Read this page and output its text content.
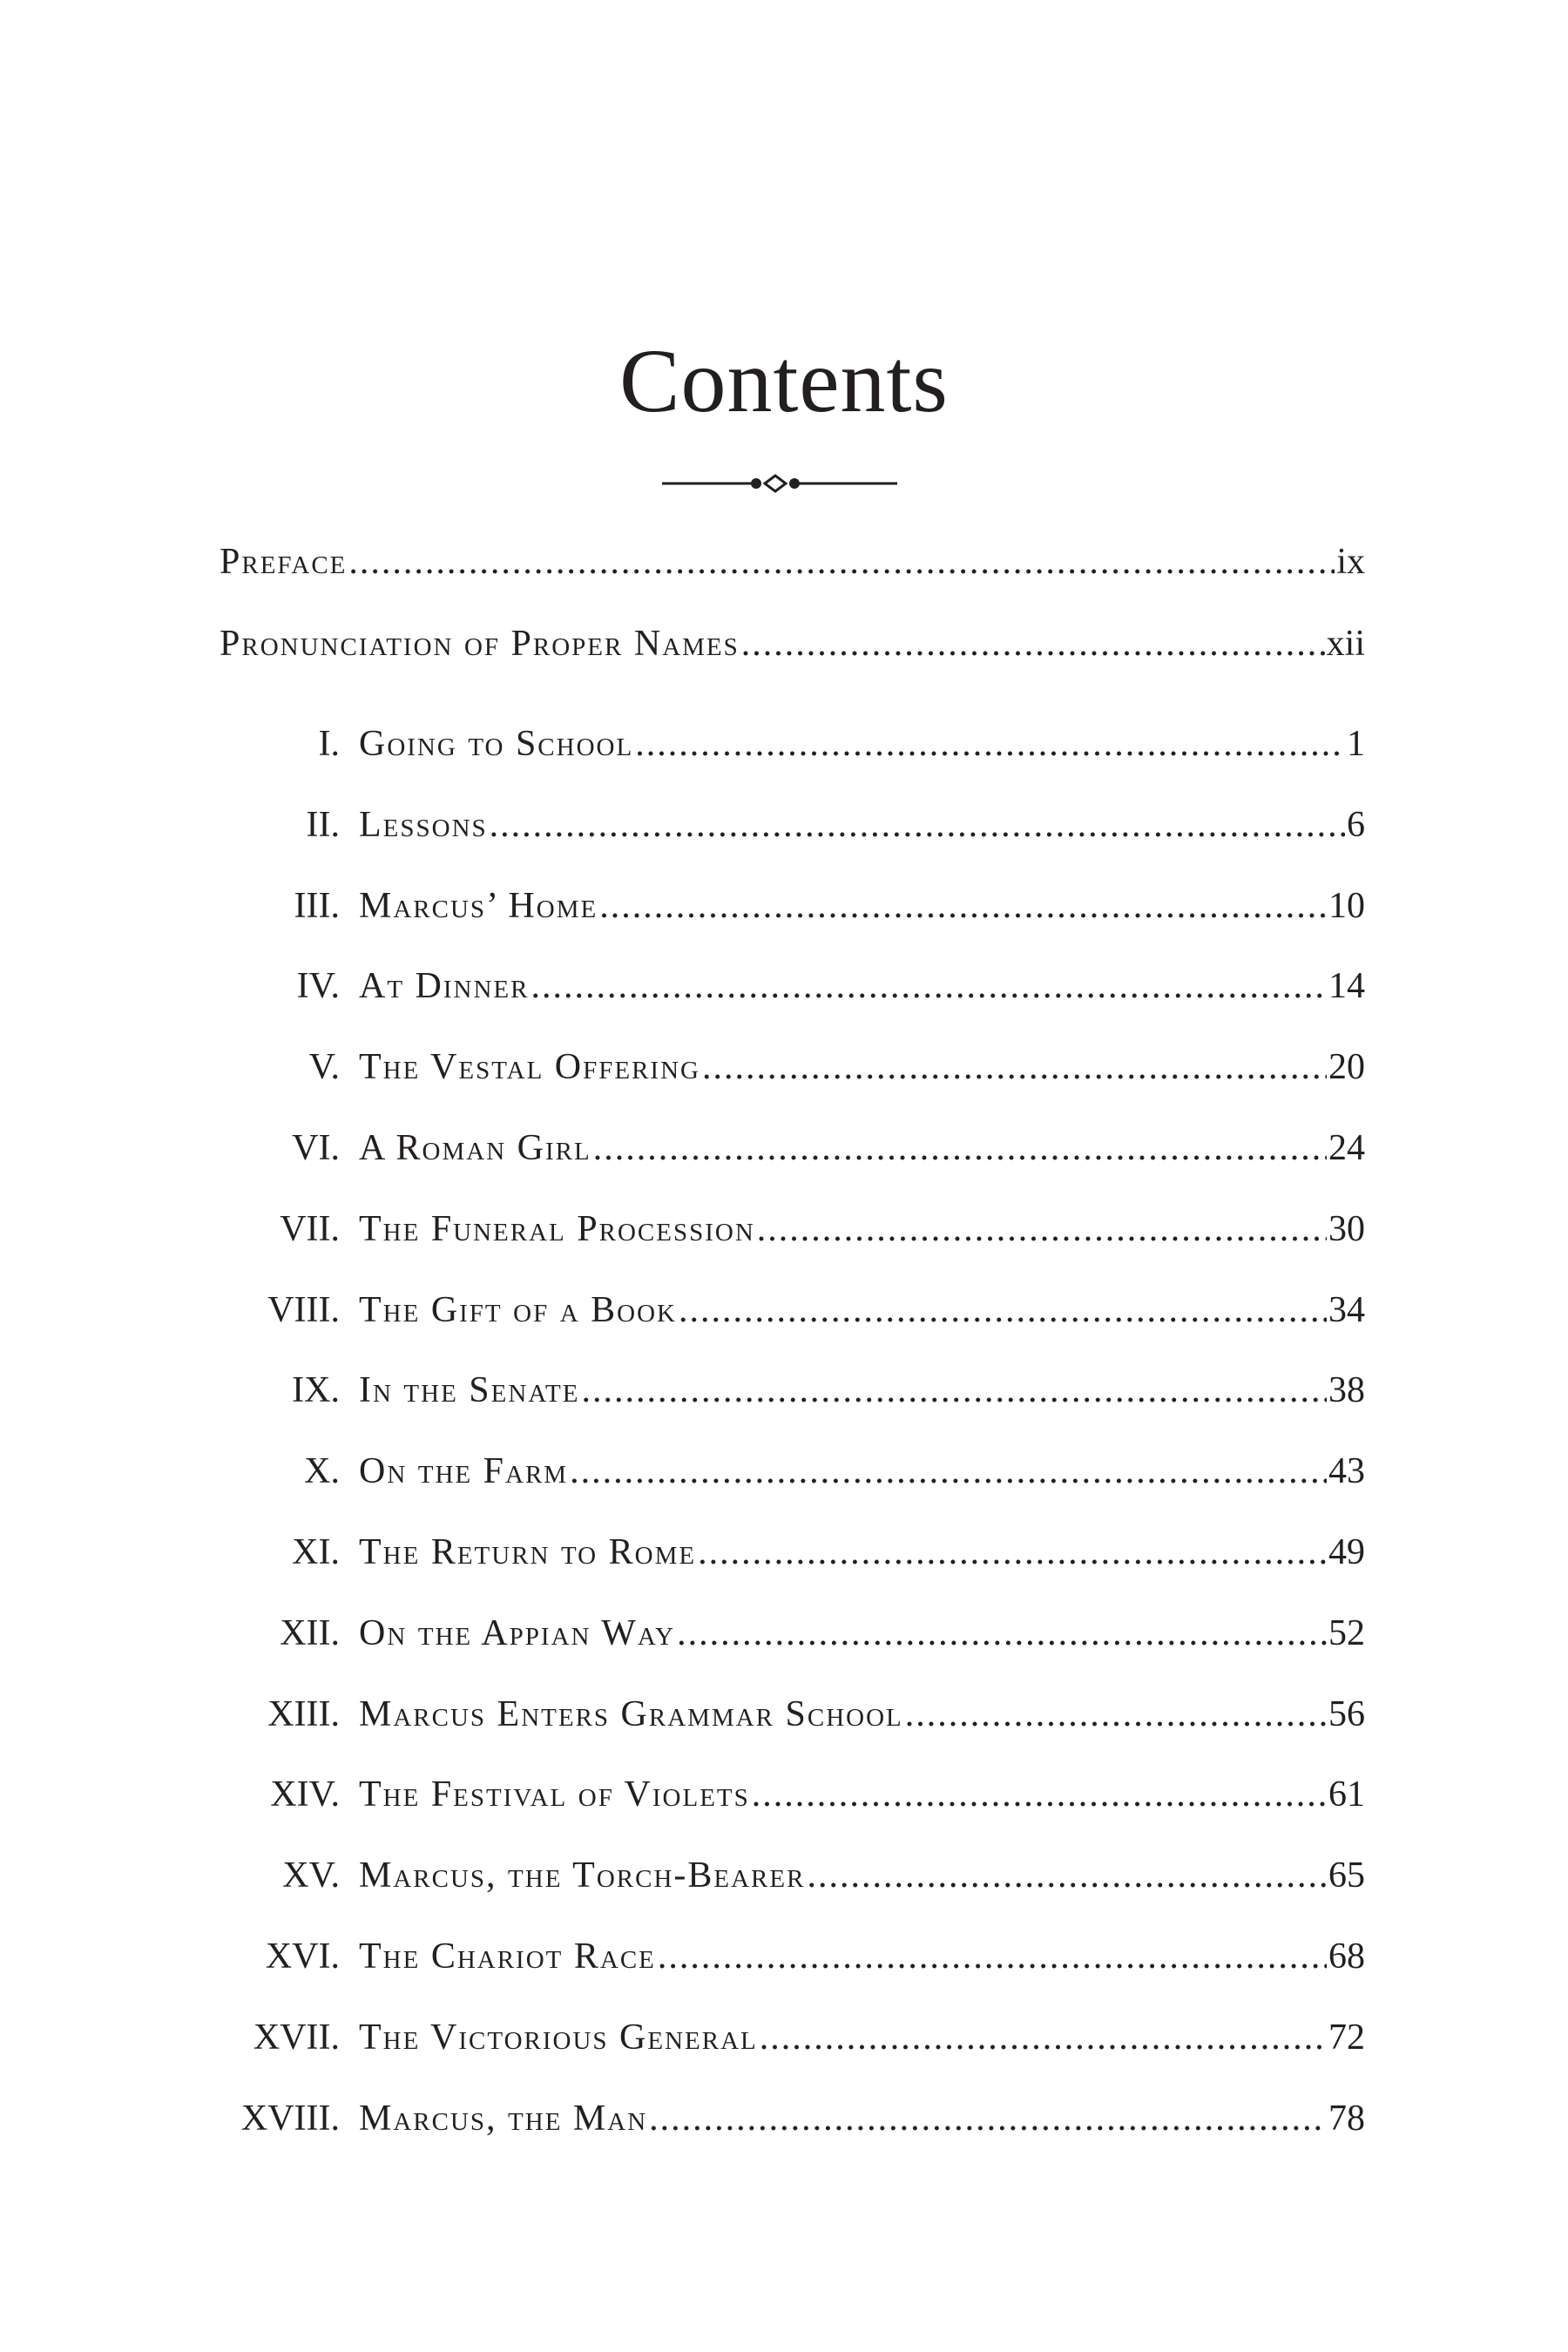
Contents
Preface .....	ix
Pronunciation of Proper Names .....	xii
I. Going to School .....	1
II. Lessons .....	6
III. Marcus’ Home .....	10
IV. At Dinner .....	14
V. The Vestal Offering .....	20
VI. A Roman Girl .....	24
VII. The Funeral Procession .....	30
VIII. The Gift of a Book .....	34
IX. In the Senate .....	38
X. On the Farm .....	43
XI. The Return to Rome .....	49
XII. On the Appian Way .....	52
XIII. Marcus Enters Grammar School .....	56
XIV. The Festival of Violets .....	61
XV. Marcus, the Torch-Bearer .....	65
XVI. The Chariot Race .....	68
XVII. The Victorious General .....	72
XVIII. Marcus, the Man .....	78
